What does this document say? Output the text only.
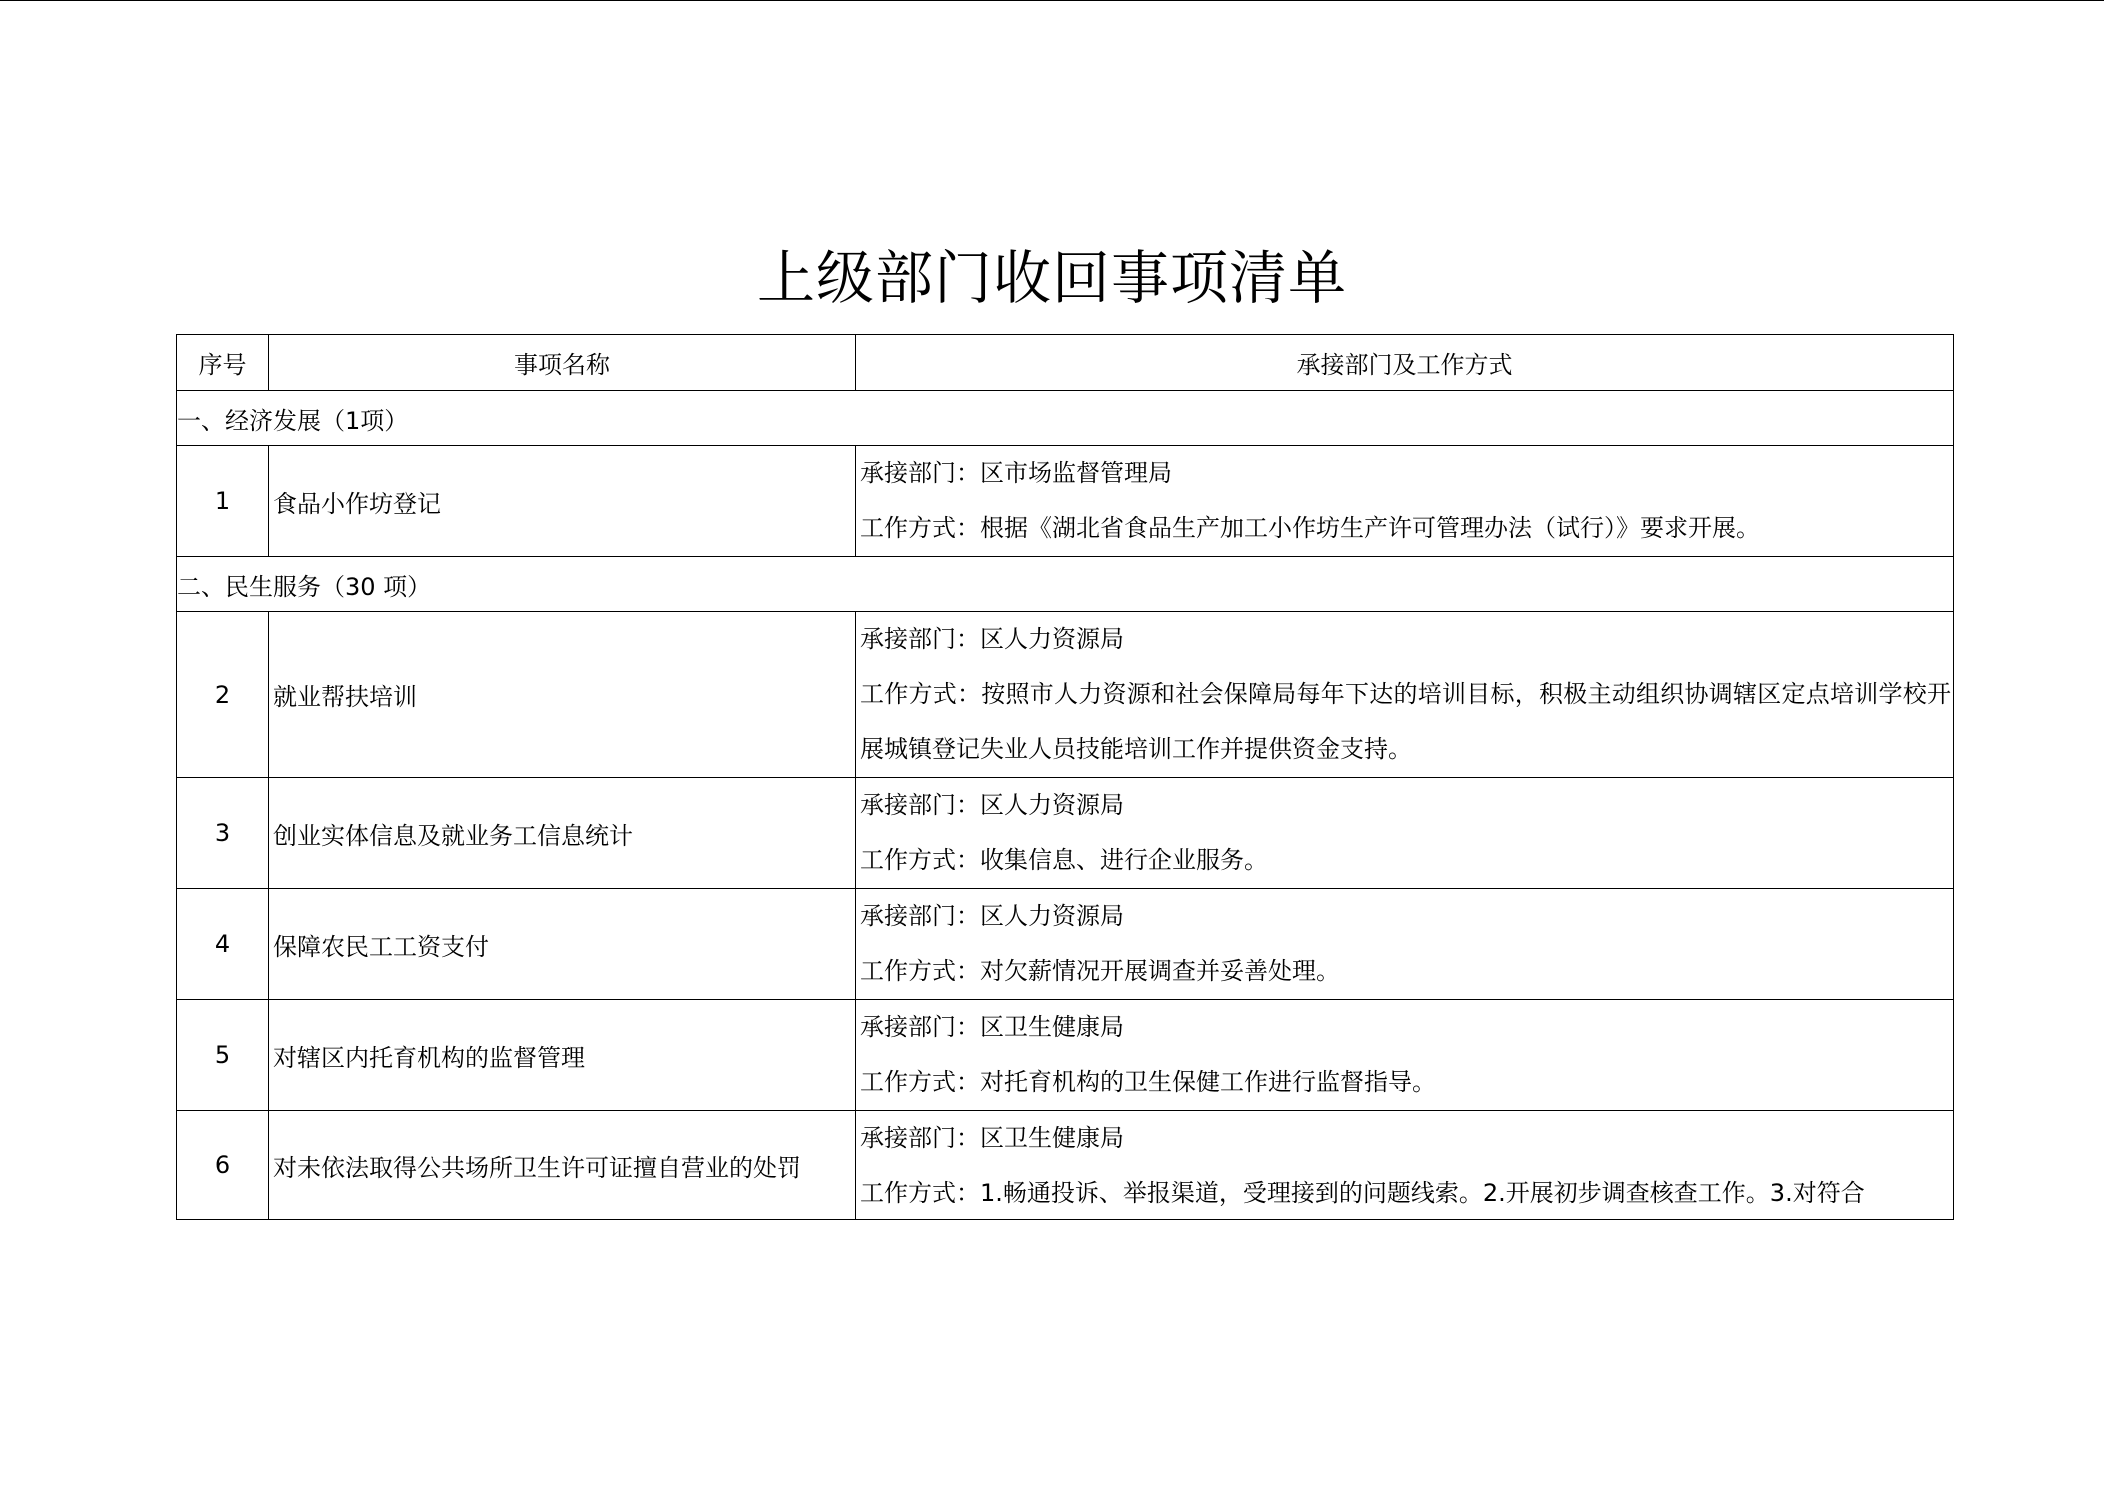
上级部门收回事项清单
序号	事项名称	承接部门及工作方式
一、经济发展（1项）		
1	食品小作坊登记	承接部门：区市场监督管理局
工作方式：根据《湖北省食品生产加工小作坊生产许可管理办法（试行）》要求开展。

二、民生服务（30 项）		
2	就业帮扶培训	承接部门：区人力资源局
工作方式：按照市人力资源和社会保障局每年下达的培训目标，积极主动组织协调辖区定点培训学校开展城镇登记失业人员技能培训工作并提供资金支持。

3	创业实体信息及就业务工信息统计	承接部门：区人力资源局
工作方式：收集信息、进行企业服务。

4	保障农民工工资支付	承接部门：区人力资源局
工作方式：对欠薪情况开展调查并妥善处理。

5	对辖区内托育机构的监督管理	承接部门：区卫生健康局
工作方式：对托育机构的卫生保健工作进行监督指导。

6	对未依法取得公共场所卫生许可证擅自营业的处罚	承接部门：区卫生健康局
工作方式：1.畅通投诉、举报渠道，受理接到的问题线索。2.开展初步调查核查工作。3.对符合
